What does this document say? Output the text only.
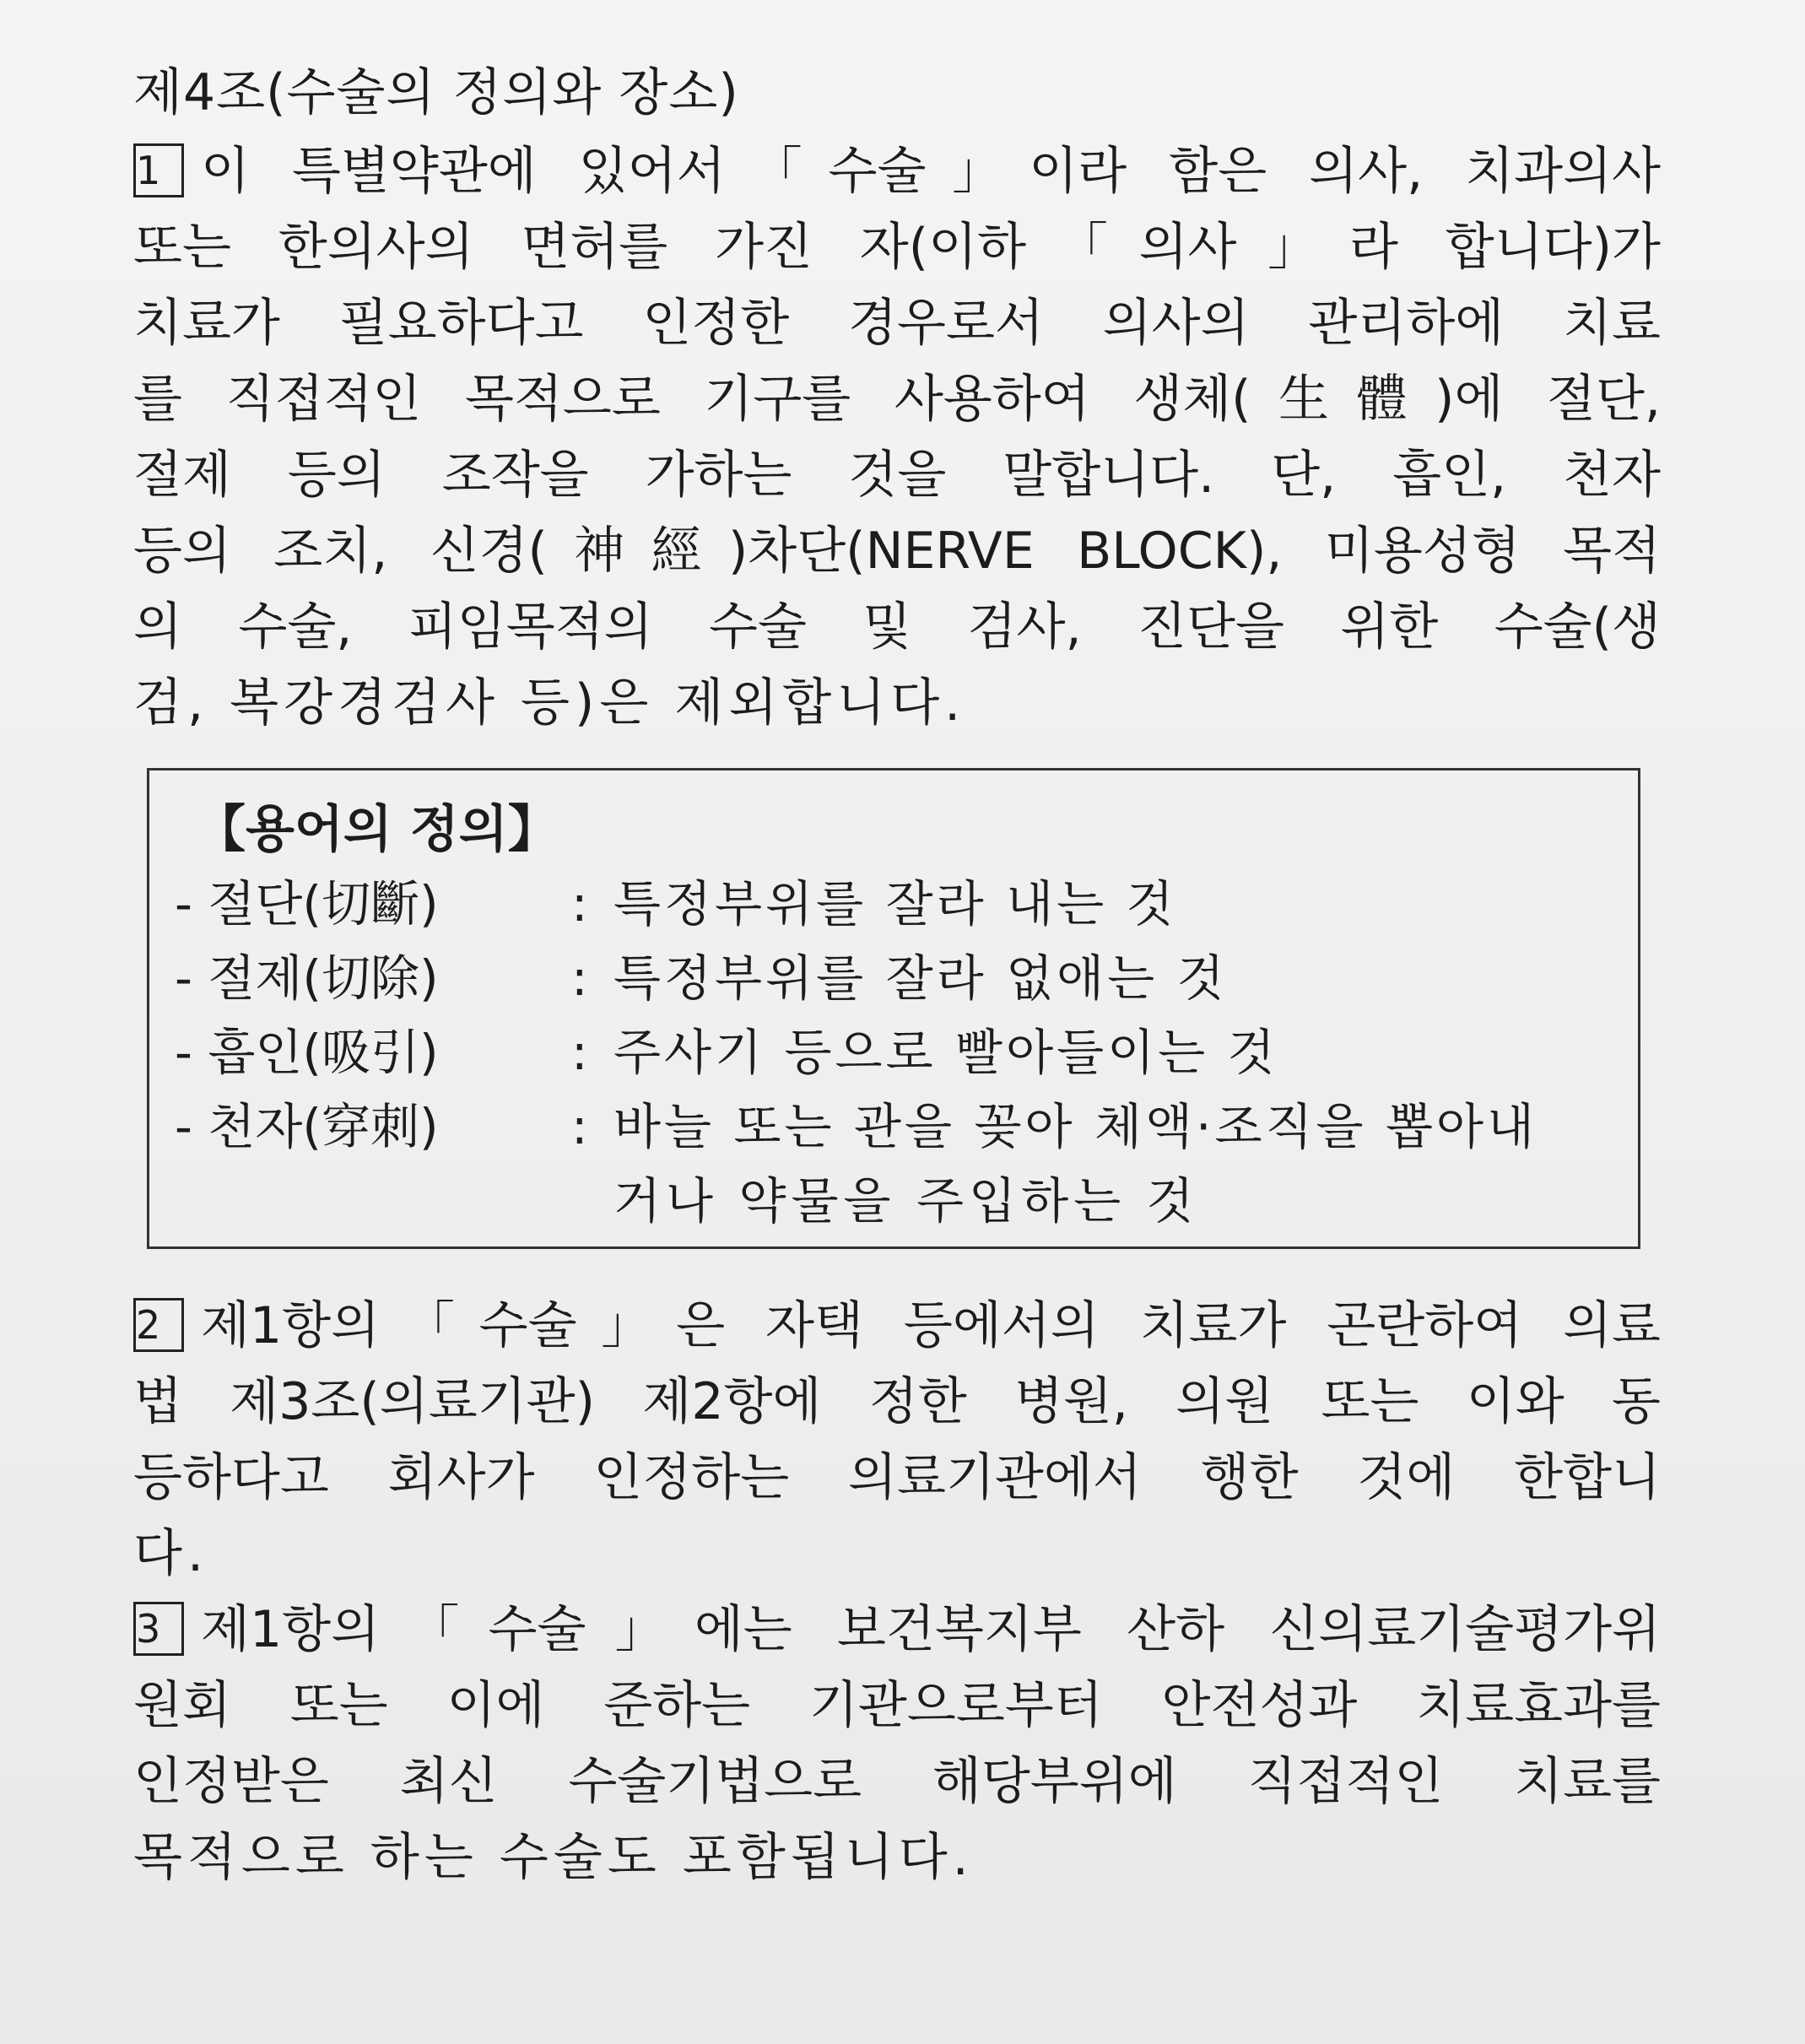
제4조(수술의 정의와 장소)
1 이 특별약관에 있어서「수술」이라 함은 의사, 치과의사
또는 한의사의 면허를 가진 자(이하「의사」라 합니다)가
치료가 필요하다고 인정한 경우로서 의사의 관리하에 치료
를 직접적인 목적으로 기구를 사용하여 생체(生體)에 절단,
절제 등의 조작을 가하는 것을 말합니다. 단, 흡인, 천자
등의 조치, 신경(神經)차단(NERVE BLOCK), 미용성형 목적
의 수술, 피임목적의 수술 및 검사, 진단을 위한 수술(생
검, 복강경검사 등)은 제외합니다.
【용어의 정의】
- 절단(切斷)	: 특정부위를 잘라 내는 것
- 절제(切除)	: 특정부위를 잘라 없애는 것
- 흡인(吸引)	: 주사기 등으로 빨아들이는 것
- 천자(穿刺)	: 바늘 또는 관을 꽂아 체액·조직을 뽑아내
거나 약물을 주입하는 것
2 제1항의「수술」은 자택 등에서의 치료가 곤란하여 의료
법 제3조(의료기관) 제2항에 정한 병원, 의원 또는 이와 동
등하다고 회사가 인정하는 의료기관에서 행한 것에 한합니
다.
3 제1항의「수술」에는 보건복지부 산하 신의료기술평가위
원회 또는 이에 준하는 기관으로부터 안전성과 치료효과를
인정받은 최신 수술기법으로 해당부위에 직접적인 치료를
목적으로 하는 수술도 포함됩니다.
